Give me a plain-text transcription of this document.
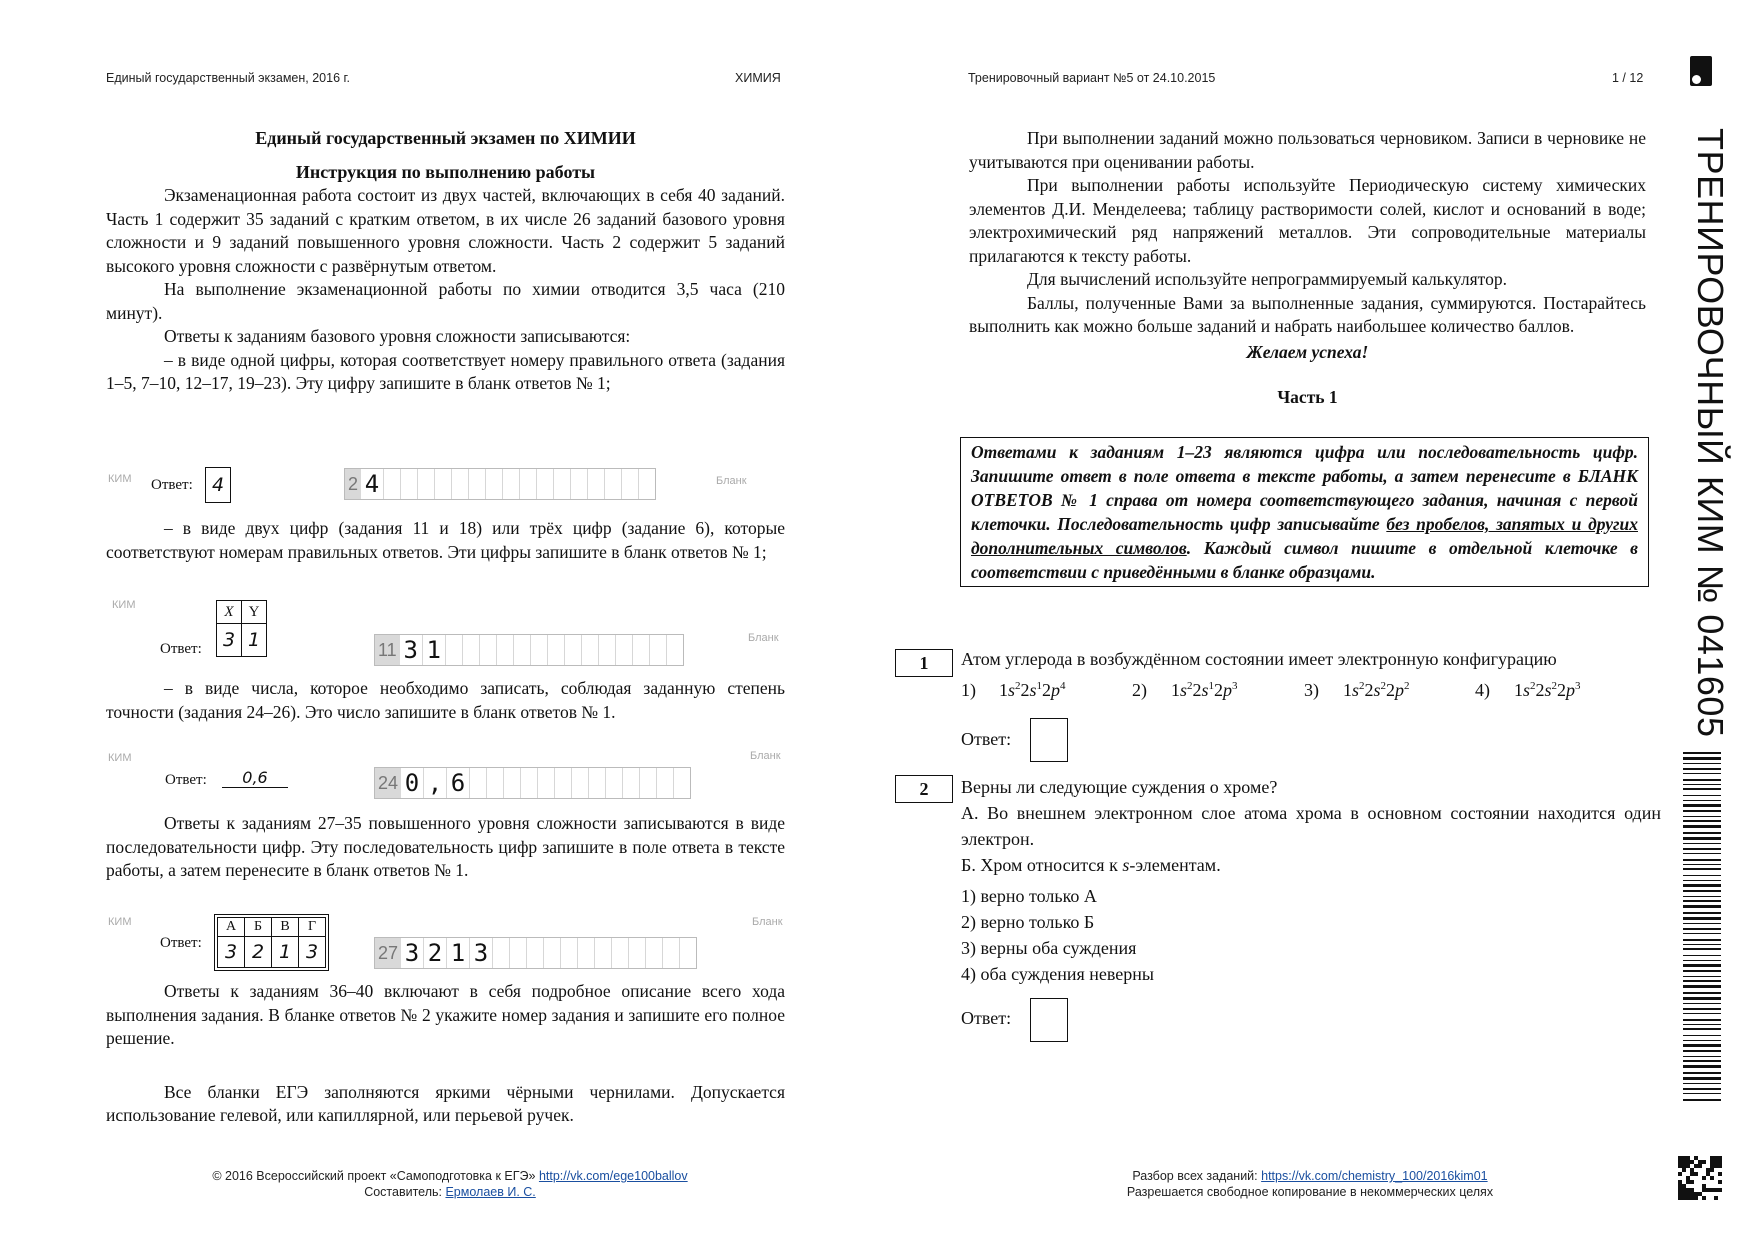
Единый государственный экзамен, 2016 г.	ХИМИЯ	Тренировочный вариант №5 от 24.10.2015	1 / 12

Единый государственный экзамен по ХИМИИ

Инструкция по выполнению работы

Экзаменационная работа состоит из двух частей, включающих в себя 40 заданий. Часть 1 содержит 35 заданий с кратким ответом, в их числе 26 заданий базового уровня сложности и 9 заданий повышенного уровня сложности. Часть 2 содержит 5 заданий высокого уровня сложности с развёрнутым ответом.

На выполнение экзаменационной работы по химии отводится 3,5 часа (210 минут).

Ответы к заданиям базового уровня сложности записываются:

– в виде одной цифры, которая соответствует номеру правильного ответа (задания 1–5, 7–10, 12–17, 19–23). Эту цифру запишите в бланк ответов № 1;

КИМ Ответ:	4	2 4	Бланк

– в виде двух цифр (задания 11 и 18) или трёх цифр (задание 6), которые соответствуют номерам правильных ответов. Эти цифры запишите в бланк ответов № 1;

КИМ
Ответ:
X	Y
3 1	11 3 1	Бланк

– в виде числа, которое необходимо записать, соблюдая заданную степень точности (задания 24–26). Это число запишите в бланк ответов № 1.

КИМ
Ответ:	0,6	24 0 , 6
Бланк

Ответы к заданиям 27–35 повышенного уровня сложности записываются в виде последовательности цифр. Эту последовательность цифр запишите в поле ответа в тексте работы, а затем перенесите в бланк ответов № 1.

КИМ
Ответ:
А	Б	В	Г
3 2 1 3	27 3 2 1 3
Бланк

Ответы к заданиям 36–40 включают в себя подробное описание всего хода выполнения задания. В бланке ответов № 2 укажите номер задания и запишите его полное решение.

Все бланки ЕГЭ заполняются яркими чёрными чернилами. Допускается использование гелевой, или капиллярной, или перьевой ручек.

При выполнении заданий можно пользоваться черновиком. Записи в черновике не учитываются при оценивании работы.

При выполнении работы используйте Периодическую систему химических элементов Д.И. Менделеева; таблицу растворимости солей, кислот и оснований в воде; электрохимический ряд напряжений металлов. Эти сопроводительные материалы прилагаются к тексту работы.

Для вычислений используйте непрограммируемый калькулятор.

Баллы, полученные Вами за выполненные задания, суммируются. Постарайтесь выполнить как можно больше заданий и набрать наибольшее количество баллов.

Желаем успеха!

Часть 1

Ответами к заданиям 1–23 являются цифра или последовательность цифр. Запишите ответ в поле ответа в тексте работы, а затем перенесите в БЛАНК ОТВЕТОВ № 1 справа от номера соответствующего задания, начиная с первой клеточки. Последовательность цифр записывайте без пробелов, запятых и других дополнительных символов. Каждый символ пишите в отдельной клеточке в соответствии с приведёнными в бланке образцами.
1	Атом углерода в возбуждённом состоянии имеет электронную конфигурацию
1) $1s^22s^12p^4$	2) $1s^22s^12p^3$	3) $1s^22s^22p^2$	4) $1s^22s^22p^3$
Ответ:
2	Верны ли следующие суждения о хроме?

А. Во внешнем электронном слое атома хрома в основном состоянии находится один электрон.

Б. Хром относится к s-элементам.

1) верно только А

2) верно только Б

3) верны оба суждения

4) оба суждения неверны

Ответ:
ТРЕНИРОВОЧНЫЙ КИМ № 041605
© 2016 Всероссийский проект «Самоподготовка к ЕГЭ» http://vk.com/ege100ballov
Составитель: Ермолаев И. С.
Разбор всех заданий: https://vk.com/chemistry_100/2016kim01
Разрешается свободное копирование в некоммерческих целях
